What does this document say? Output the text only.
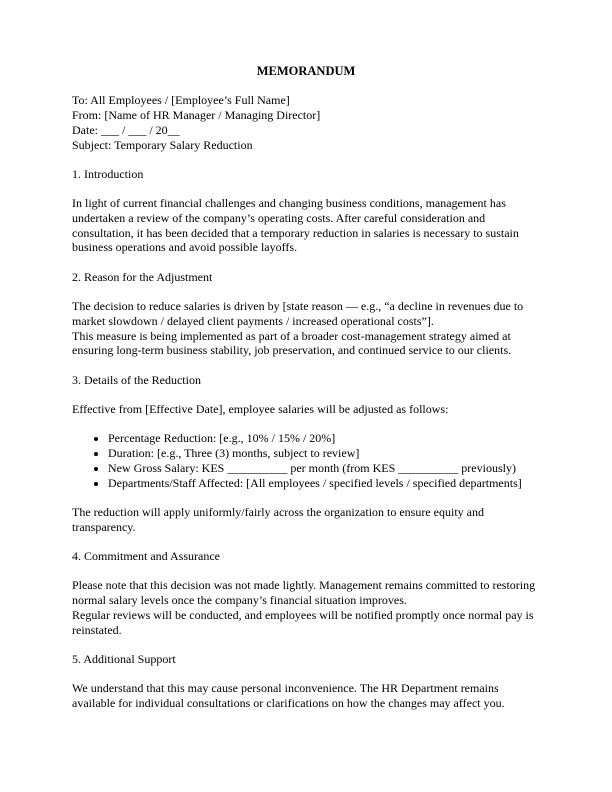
MEMORANDUM

To: All Employees / [Employee’s Full Name]

From: [Name of HR Manager / Managing Director]

Date: ___ / ___ / 20__

Subject: Temporary Salary Reduction

1. Introduction

In light of current financial challenges and changing business conditions, management has undertaken a review of the company’s operating costs. After careful consideration and consultation, it has been decided that a temporary reduction in salaries is necessary to sustain business operations and avoid possible layoffs.

2. Reason for the Adjustment

The decision to reduce salaries is driven by [state reason — e.g., “a decline in revenues due to market slowdown / delayed client payments / increased operational costs”].

This measure is being implemented as part of a broader cost-management strategy aimed at ensuring long-term business stability, job preservation, and continued service to our clients.

3. Details of the Reduction

Effective from [Effective Date], employee salaries will be adjusted as follows:

• Percentage Reduction: [e.g., 10% / 15% / 20%]
• Duration: [e.g., Three (3) months, subject to review]
• New Gross Salary: KES __________ per month (from KES __________ previously)
• Departments/Staff Affected: [All employees / specified levels / specified departments]

The reduction will apply uniformly/fairly across the organization to ensure equity and transparency.

4. Commitment and Assurance

Please note that this decision was not made lightly. Management remains committed to restoring normal salary levels once the company’s financial situation improves.

Regular reviews will be conducted, and employees will be notified promptly once normal pay is reinstated.

5. Additional Support

We understand that this may cause personal inconvenience. The HR Department remains available for individual consultations or clarifications on how the changes may affect you.
